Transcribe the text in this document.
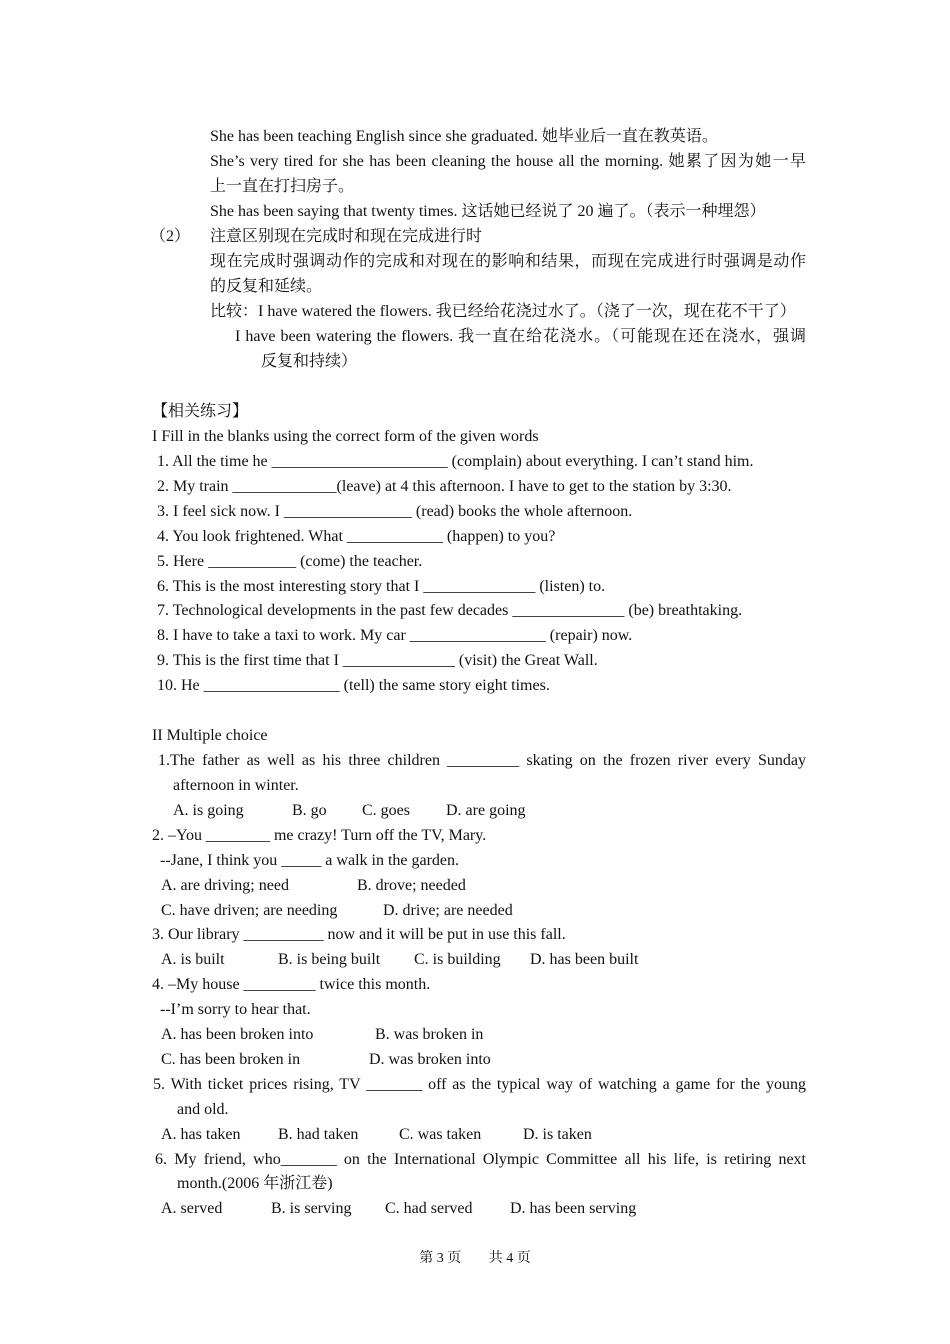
She has been teaching English since she graduated. 她毕业后一直在教英语。
She’s very tired for she has been cleaning the house all the morning. 她累了因为她一早
上一直在打扫房子。
She has been saying that twenty times. 这话她已经说了 20 遍了。（表示一种埋怨）
（2） 注意区别现在完成时和现在完成进行时
现在完成时强调动作的完成和对现在的影响和结果，而现在完成进行时强调是动作
的反复和延续。
比较：I have watered the flowers. 我已经给花浇过水了。（浇了一次，现在花不干了）
I have been watering the flowers. 我一直在给花浇水。（可能现在还在浇水，强调
反复和持续）
【相关练习】
I Fill in the blanks using the correct form of the given words
1. All the time he ______________________ (complain) about everything. I can’t stand him.
2. My train _____________(leave) at 4 this afternoon. I have to get to the station by 3:30.
3. I feel sick now. I ________________ (read) books the whole afternoon.
4. You look frightened. What ____________ (happen) to you?
5. Here ___________ (come) the teacher.
6. This is the most interesting story that I ______________ (listen) to.
7. Technological developments in the past few decades ______________ (be) breathtaking.
8. I have to take a taxi to work. My car _________________ (repair) now.
9. This is the first time that I ______________ (visit) the Great Wall.
10. He _________________ (tell) the same story eight times.
II Multiple choice
1.The father as well as his three children _________ skating on the frozen river every Sunday
afternoon in winter.
A. is going	B. go C. goes D. are going
2. –You ________ me crazy! Turn off the TV, Mary.
--Jane, I think you _____ a walk in the garden.
A. are driving; need	B. drove; needed
C. have driven; are needing	D. drive; are needed
3. Our library __________ now and it will be put in use this fall.
A. is built	B. is being built C. is building D. has been built
4. –My house _________ twice this month.
--I’m sorry to hear that.
A. has been broken into	B. was broken in
C. has been broken in	D. was broken into
5. With ticket prices rising, TV _______ off as the typical way of watching a game for the young
and old.
A. has taken B. had taken	C. was taken	D. is taken
6. My friend, who_______ on the International Olympic Committee all his life, is retiring next
month.(2006 年浙江卷)
A. served	B. is serving C. had served D. has been serving
第 3 页 共 4 页
